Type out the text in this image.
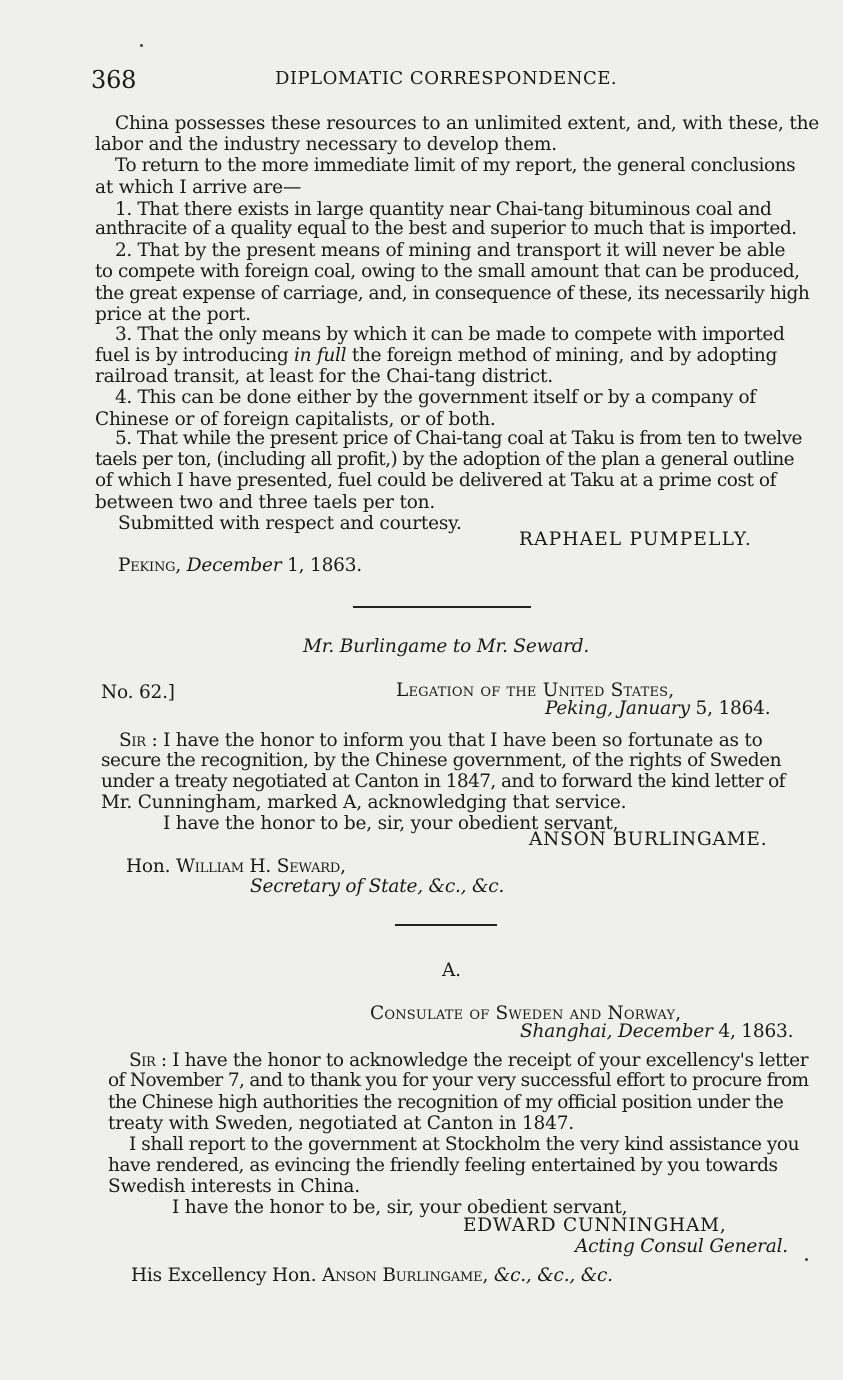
368	DIPLOMATIC CORRESPONDENCE.
China possesses these resources to an unlimited extent, and, with these, the
labor and the industry necessary to develop them.
To return to the more immediate limit of my report, the general conclusions
at which I arrive are—
1. That there exists in large quantity near Chai-tang bituminous coal and
anthracite of a quality equal to the best and superior to much that is imported.
2. That by the present means of mining and transport it will never be able
to compete with foreign coal, owing to the small amount that can be produced,
the great expense of carriage, and, in consequence of these, its necessarily high
price at the port.
3. That the only means by which it can be made to compete with imported
fuel is by introducing in full the foreign method of mining, and by adopting
railroad transit, at least for the Chai-tang district.
4. This can be done either by the government itself or by a company of
Chinese or of foreign capitalists, or of both.
5. That while the present price of Chai-tang coal at Taku is from ten to twelve
taels per ton, (including all profit,) by the adoption of the plan a general outline
of which I have presented, fuel could be delivered at Taku at a prime cost of
between two and three taels per ton.
Submitted with respect and courtesy.
RAPHAEL PUMPELLY.
Peking, December 1, 1863.
Mr. Burlingame to Mr. Seward.
No. 62.]	Legation of the United States,
Peking, January 5, 1864.
Sir : I have the honor to inform you that I have been so fortunate as to
secure the recognition, by the Chinese government, of the rights of Sweden
under a treaty negotiated at Canton in 1847, and to forward the kind letter of
Mr. Cunningham, marked A, acknowledging that service.
I have the honor to be, sir, your obedient servant,
ANSON BURLINGAME.
Hon. William H. Seward,
Secretary of State, &c., &c.
A.
Consulate of Sweden and Norway,
Shanghai, December 4, 1863.
Sir : I have the honor to acknowledge the receipt of your excellency's letter
of November 7, and to thank you for your very successful effort to procure from
the Chinese high authorities the recognition of my official position under the
treaty with Sweden, negotiated at Canton in 1847.
I shall report to the government at Stockholm the very kind assistance you
have rendered, as evincing the friendly feeling entertained by you towards
Swedish interests in China.
I have the honor to be, sir, your obedient servant,
EDWARD CUNNINGHAM,
Acting Consul General.
His Excellency Hon. Anson Burlingame, &c., &c., &c.
